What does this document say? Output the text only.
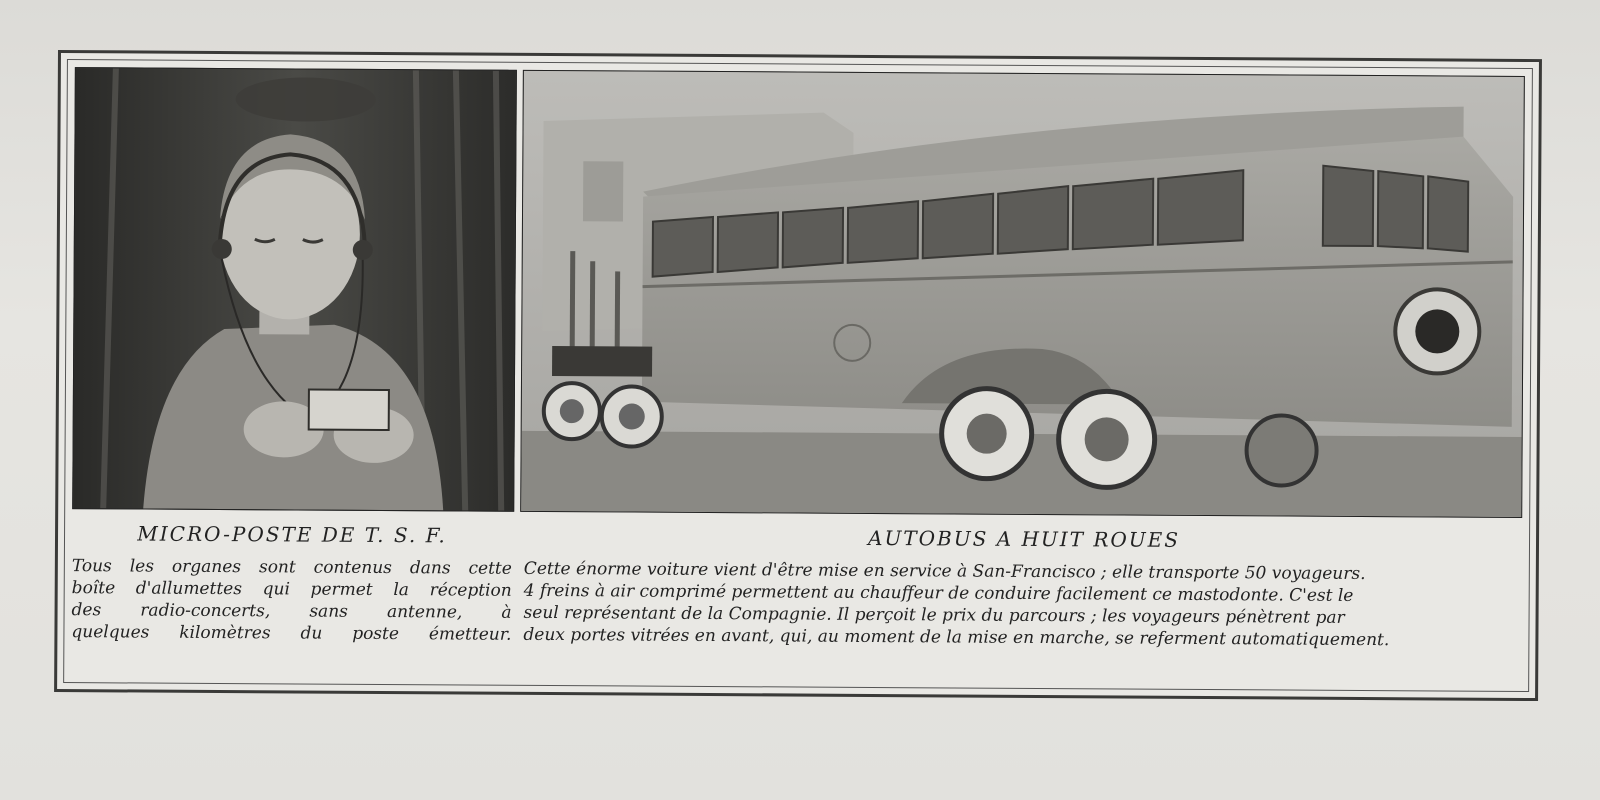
MICRO-POSTE DE T. S. F.

Tous les organes sont contenus dans cette
boîte d'allumettes qui permet la réception
des radio-concerts, sans antenne, à
quelques kilomètres du poste émetteur.

AUTOBUS A HUIT ROUES

Cette énorme voiture vient d'être mise en service à San-Francisco ; elle transporte 50 voyageurs.
4 freins à air comprimé permettent au chauffeur de conduire facilement ce mastodonte. C'est le
seul représentant de la Compagnie. Il perçoit le prix du parcours ; les voyageurs pénètrent par
deux portes vitrées en avant, qui, au moment de la mise en marche, se referment automatiquement.
